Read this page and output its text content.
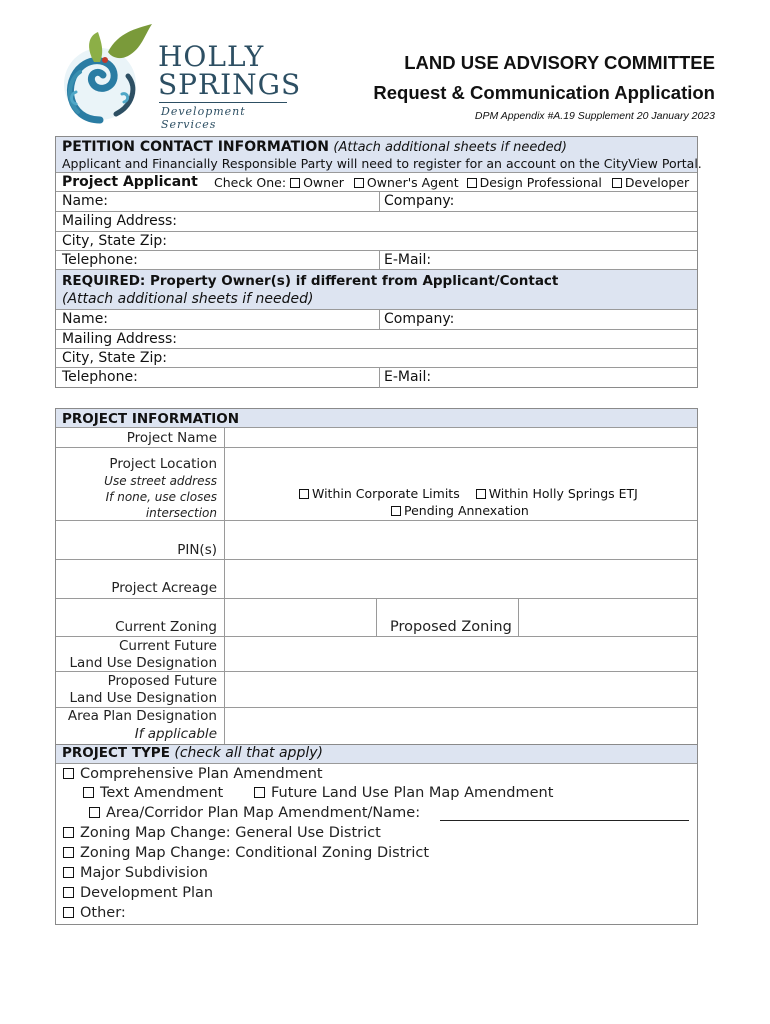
HOLLY
SPRINGS
Development Services
LAND USE ADVISORY COMMITTEE
Request & Communication Application
DPM Appendix #A.19 Supplement 20 January 2023
PETITION CONTACT INFORMATION (Attach additional sheets if needed)
Applicant and Financially Responsible Party will need to register for an account on the CityView Portal.
Project Applicant Check One: Owner Owner's Agent Design Professional Developer
Name:	Company:
Mailing Address:
City, State Zip:
Telephone:	E-Mail:
REQUIRED: Property Owner(s) if different from Applicant/Contact
(Attach additional sheets if needed)
Name:	Company:
Mailing Address:
City, State Zip:
Telephone:	E-Mail:
PROJECT INFORMATION
Project Name
Project Location
Use street address
If none, use closes
intersection
Within Corporate Limits Within Holly Springs ETJ
Pending Annexation
PIN(s)
Project Acreage
Current Zoning	Proposed Zoning
Current Future
Land Use Designation
Proposed Future
Land Use Designation
Area Plan Designation
If applicable
PROJECT TYPE (check all that apply)
Comprehensive Plan Amendment
Text Amendment	Future Land Use Plan Map Amendment
Area/Corridor Plan Map Amendment/Name:
Zoning Map Change: General Use District
Zoning Map Change: Conditional Zoning District
Major Subdivision
Development Plan
Other:
